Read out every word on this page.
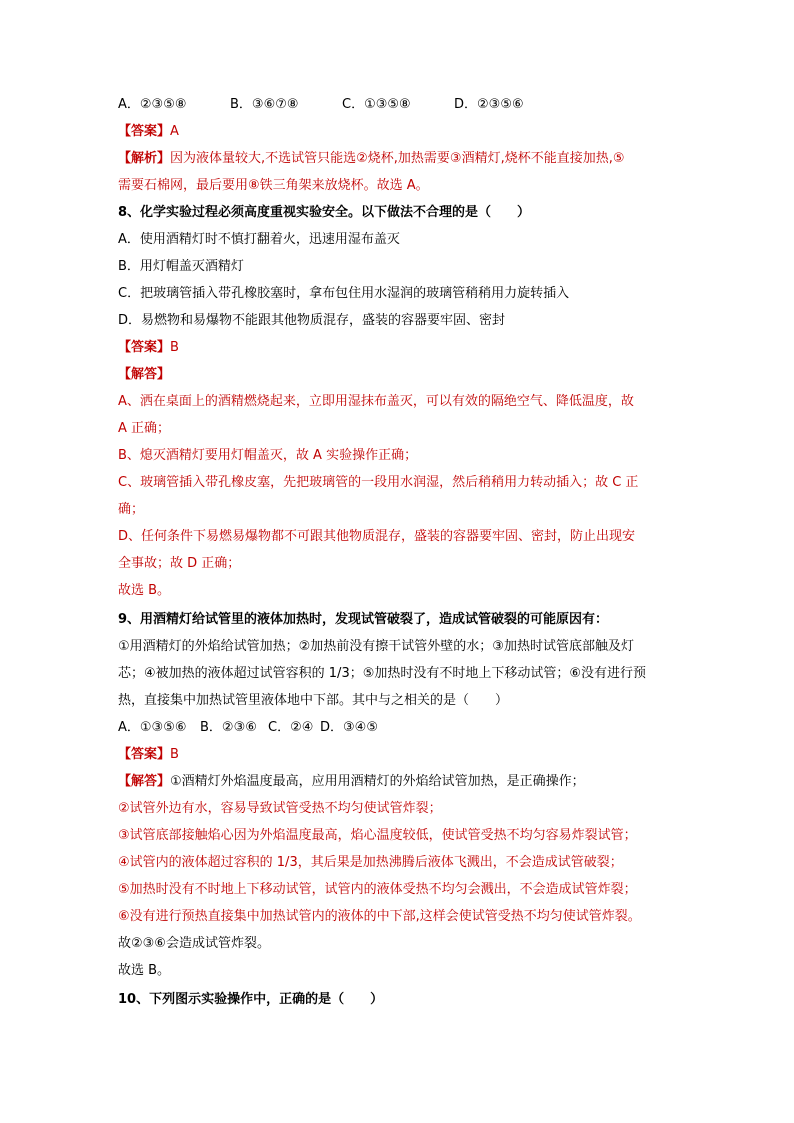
A．②③⑤⑧	B．③⑥⑦⑧	C．①③⑤⑧	D．②③⑤⑥
【答案】A
【解析】因为液体量较大,不选试管只能选②烧杯,加热需要③酒精灯,烧杯不能直接加热,⑤
需要石棉网，最后要用⑧铁三角架来放烧杯。故选 A。
8、化学实验过程必须高度重视实验安全。以下做法不合理的是（　　）
A．使用酒精灯时不慎打翻着火，迅速用湿布盖灭
B．用灯帽盖灭酒精灯
C．把玻璃管插入带孔橡胶塞时，拿布包住用水湿润的玻璃管稍稍用力旋转插入
D．易燃物和易爆物不能跟其他物质混存，盛装的容器要牢固、密封
【答案】B
【解答】
A、洒在桌面上的酒精燃烧起来，立即用湿抹布盖灭，可以有效的隔绝空气、降低温度，故
A 正确；
B、熄灭酒精灯要用灯帽盖灭，故 A 实验操作正确；
C、玻璃管插入带孔橡皮塞，先把玻璃管的一段用水润湿，然后稍稍用力转动插入；故 C 正
确；
D、任何条件下易燃易爆物都不可跟其他物质混存，盛装的容器要牢固、密封，防止出现安
全事故；故 D 正确；
故选 B。
9、用酒精灯给试管里的液体加热时，发现试管破裂了，造成试管破裂的可能原因有：
①用酒精灯的外焰给试管加热；②加热前没有擦干试管外壁的水；③加热时试管底部触及灯
芯；④被加热的液体超过试管容积的 1/3；⑤加热时没有不时地上下移动试管；⑥没有进行预
热，直接集中加热试管里液体地中下部。其中与之相关的是（　　）
A．①③⑤⑥ B．②③⑥ C．②④ D．③④⑤
【答案】B
【解答】①酒精灯外焰温度最高，应用用酒精灯的外焰给试管加热，是正确操作；
②试管外边有水，容易导致试管受热不均匀使试管炸裂；
③试管底部接触焰心因为外焰温度最高，焰心温度较低，使试管受热不均匀容易炸裂试管；
④试管内的液体超过容积的 1/3，其后果是加热沸腾后液体飞溅出，不会造成试管破裂；
⑤加热时没有不时地上下移动试管，试管内的液体受热不均匀会溅出，不会造成试管炸裂；
⑥没有进行预热直接集中加热试管内的液体的中下部,这样会使试管受热不均匀使试管炸裂。
故②③⑥会造成试管炸裂。
故选 B。
10、下列图示实验操作中，正确的是（　　）
